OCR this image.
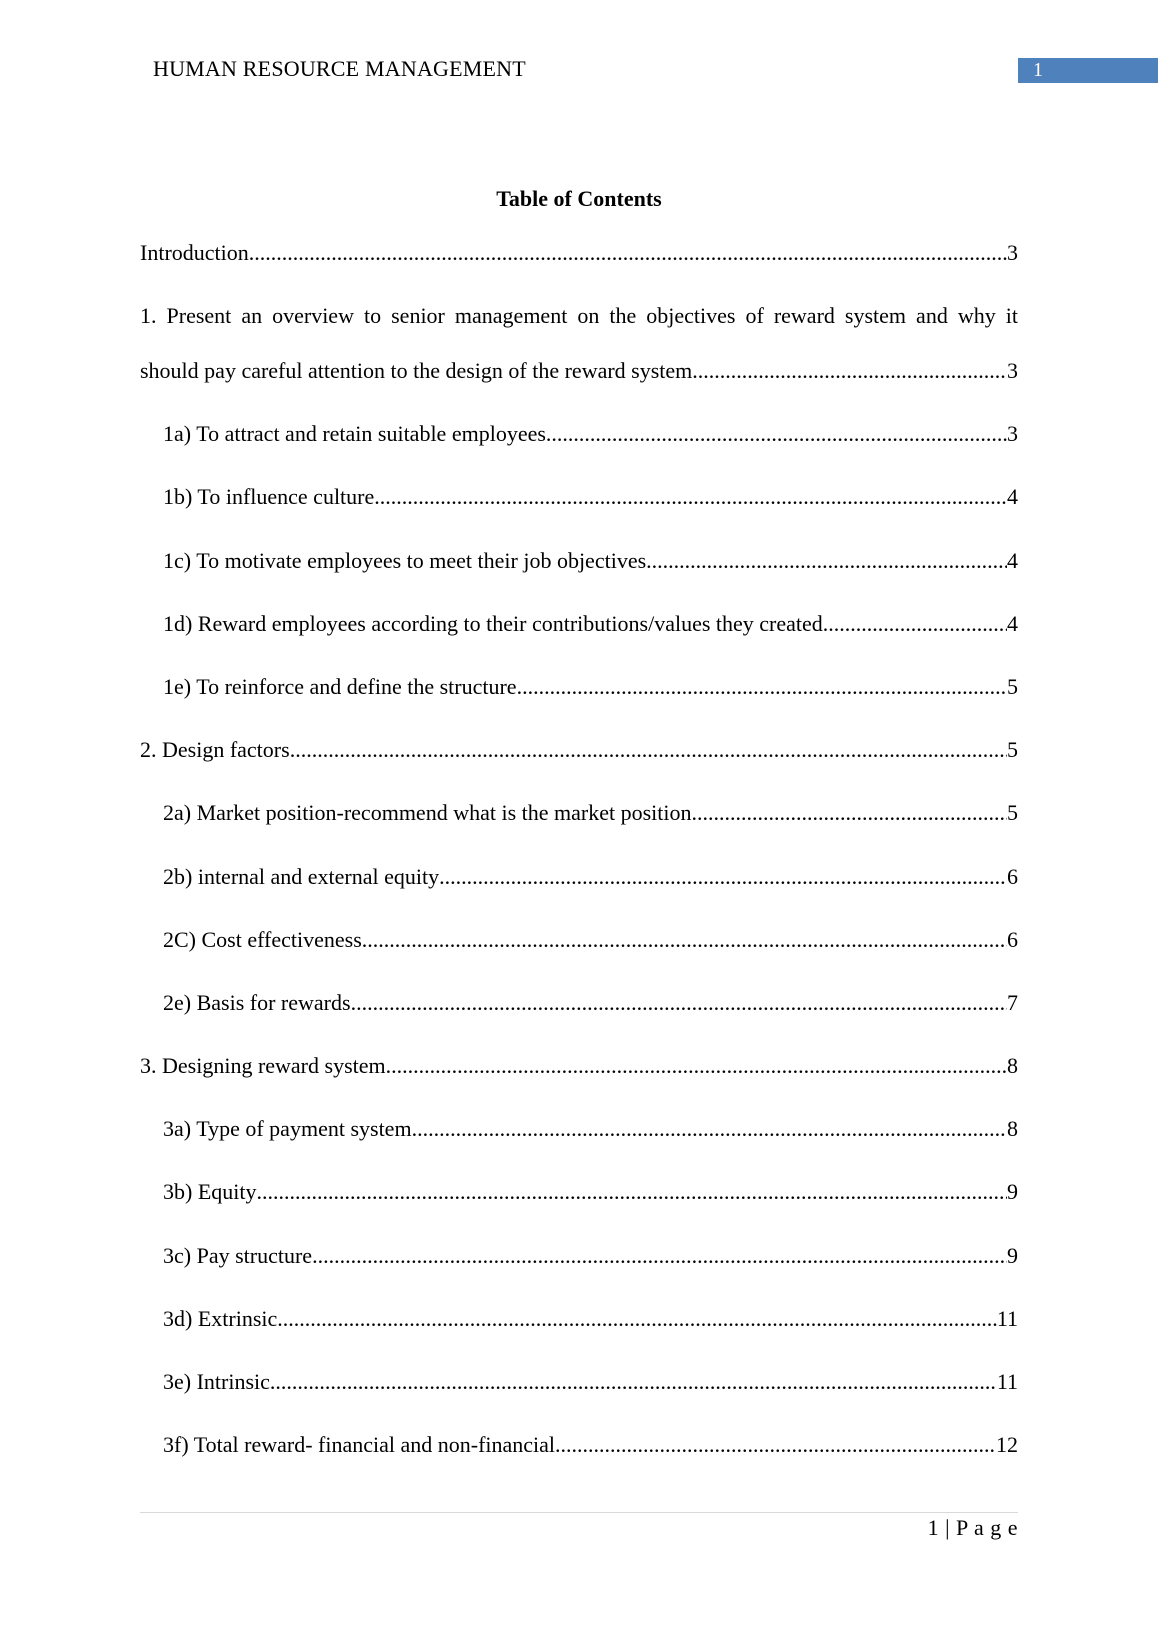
HUMAN RESOURCE MANAGEMENT	1
Table of Contents
Introduction .....	3
1. Present an overview to senior management on the objectives of reward system and why it
should pay careful attention to the design of the reward system .....	3
1a) To attract and retain suitable employees .....	3
1b) To influence culture .....	4
1c) To motivate employees to meet their job objectives .....	4
1d) Reward employees according to their contributions/values they created .....	4
1e) To reinforce and define the structure .....	5
2. Design factors .....	5
2a) Market position-recommend what is the market position .....	5
2b) internal and external equity .....	6
2C) Cost effectiveness .....	6
2e) Basis for rewards .....	7
3. Designing reward system .....	8
3a) Type of payment system .....	8
3b) Equity .....	9
3c) Pay structure .....	9
3d) Extrinsic .....	11
3e) Intrinsic .....	11
3f) Total reward- financial and non-financial .....	12
1 | P a g e
